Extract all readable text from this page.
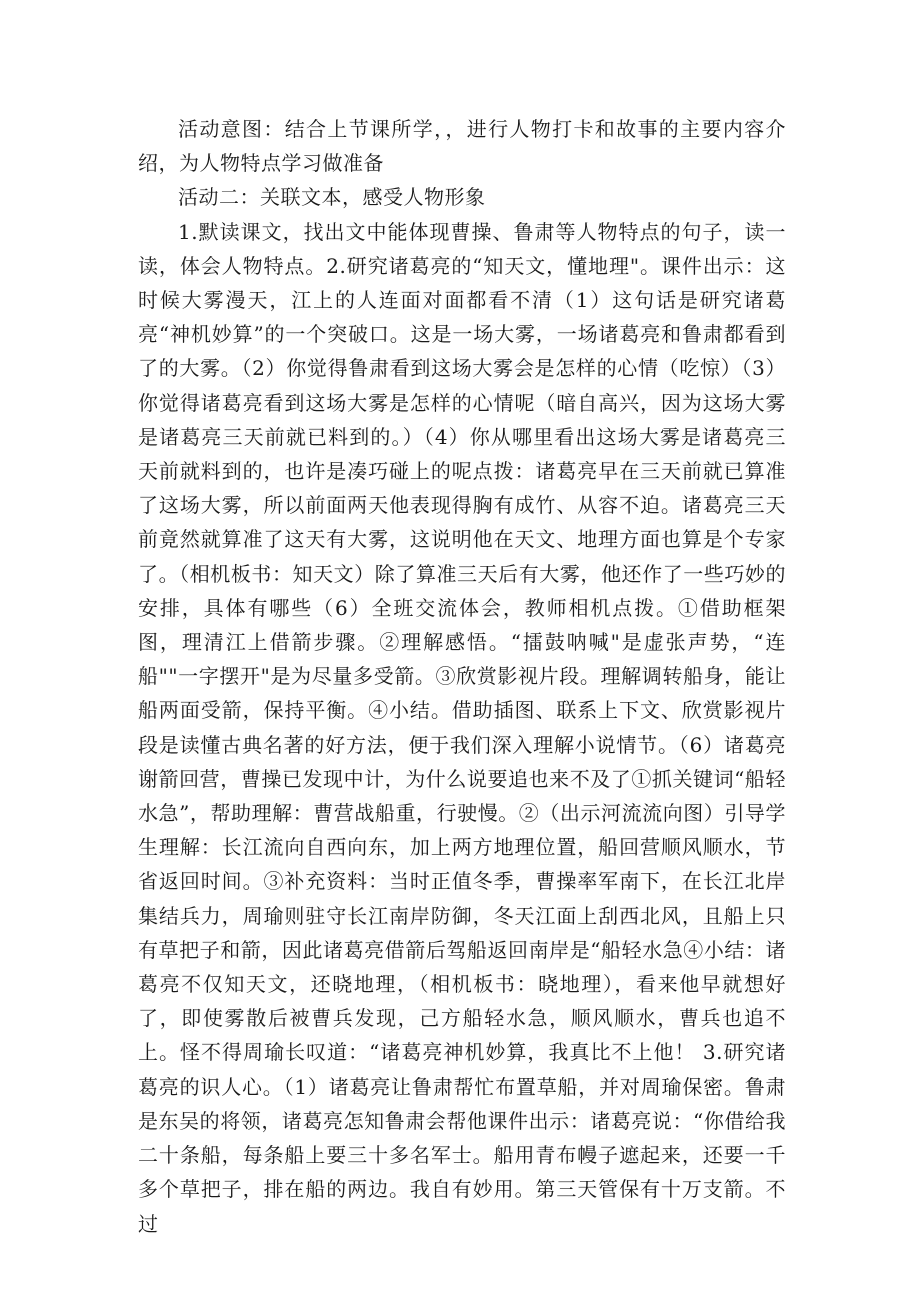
活动意图：结合上节课所学，，进行人物打卡和故事的主要内容介绍，为人物特点学习做准备

活动二：关联文本，感受人物形象

1.默读课文，找出文中能体现曹操、鲁肃等人物特点的句子，读一读，体会人物特点。2.研究诸葛亮的“知天文，懂地理"。课件出示：这时候大雾漫天，江上的人连面对面都看不清（1）这句话是研究诸葛亮“神机妙算”的一个突破口。这是一场大雾，一场诸葛亮和鲁肃都看到了的大雾。（2）你觉得鲁肃看到这场大雾会是怎样的心情（吃惊）（3）你觉得诸葛亮看到这场大雾是怎样的心情呢（暗自高兴，因为这场大雾是诸葛亮三天前就已料到的。）（4）你从哪里看出这场大雾是诸葛亮三天前就料到的，也许是凑巧碰上的呢点拨：诸葛亮早在三天前就已算准了这场大雾，所以前面两天他表现得胸有成竹、从容不迫。诸葛亮三天前竟然就算准了这天有大雾，这说明他在天文、地理方面也算是个专家了。（相机板书：知天文）除了算准三天后有大雾，他还作了一些巧妙的安排，具体有哪些（6）全班交流体会，教师相机点拨。①借助框架图，理清江上借箭步骤。②理解感悟。“擂鼓呐喊"是虚张声势，“连船""一字摆开"是为尽量多受箭。③欣赏影视片段。理解调转船身，能让船两面受箭，保持平衡。④小结。借助插图、联系上下文、欣赏影视片段是读懂古典名著的好方法，便于我们深入理解小说情节。（6）诸葛亮谢箭回营，曹操已发现中计，为什么说要追也来不及了①抓关键词“船轻水急”，帮助理解：曹营战船重，行驶慢。②（出示河流流向图）引导学生理解：长江流向自西向东，加上两方地理位置，船回营顺风顺水，节省返回时间。③补充资料：当时正值冬季，曹操率军南下，在长江北岸集结兵力，周瑜则驻守长江南岸防御，冬天江面上刮西北风，且船上只有草把子和箭，因此诸葛亮借箭后驾船返回南岸是“船轻水急④小结：诸葛亮不仅知天文，还晓地理，（相机板书：晓地理），看来他早就想好了，即使雾散后被曹兵发现，己方船轻水急，顺风顺水，曹兵也追不上。怪不得周瑜长叹道：“诸葛亮神机妙算，我真比不上他！ 3.研究诸葛亮的识人心。（1）诸葛亮让鲁肃帮忙布置草船，并对周瑜保密。鲁肃是东吴的将领，诸葛亮怎知鲁肃会帮他课件出示：诸葛亮说：“你借给我二十条船，每条船上要三十多名军士。船用青布幔子遮起来，还要一千多个草把子，排在船的两边。我自有妙用。第三天管保有十万支箭。不过
